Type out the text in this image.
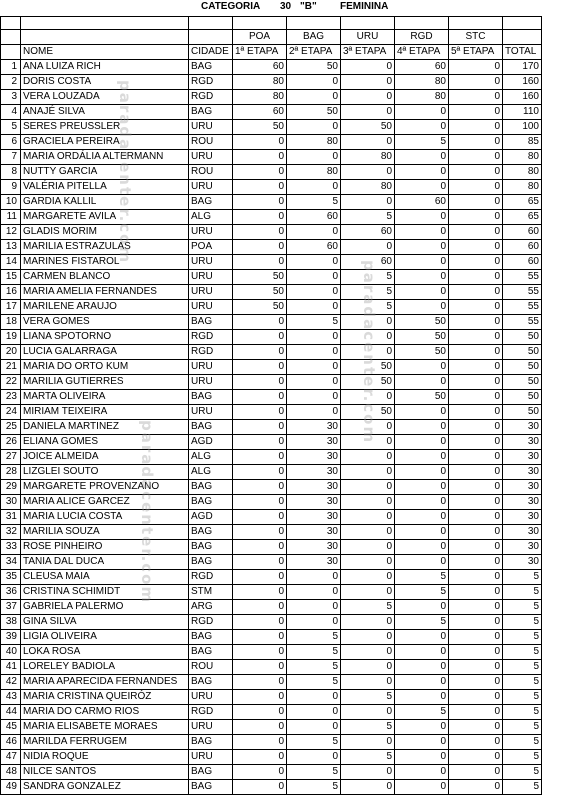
CATEGORIA 30 "B" FEMININA

			POA	BAG	URU	RGD	STC	
	NOME	CIDADE	1ª ETAPA	2ª ETAPA	3ª ETAPA	4ª ETAPA	5ª ETAPA	TOTAL
1	ANA LUIZA RICH	BAG	60	50	0	60	0	170
2	DORIS COSTA	RGD	80	0	0	80	0	160
3	VERA LOUZADA	RGD	80	0	0	80	0	160
4	ANAJÉ SILVA	BAG	60	50	0	0	0	110
5	SERES PREUSSLER	URU	50	0	50	0	0	100
6	GRACIELA PEREIRA	ROU	0	80	0	5	0	85
7	MARIA ORDÁLIA ALTERMANN	URU	0	0	80	0	0	80
8	NUTTY GARCIA	ROU	0	80	0	0	0	80
9	VALÉRIA PITELLA	URU	0	0	80	0	0	80
10	GARDIA KALLIL	BAG	0	5	0	60	0	65
11	MARGARETE AVILA	ALG	0	60	5	0	0	65
12	GLADIS MORIM	URU	0	0	60	0	0	60
13	MARILIA ESTRAZULAS	POA	0	60	0	0	0	60
14	MARINES FISTAROL	URU	0	0	60	0	0	60
15	CARMEN BLANCO	URU	50	0	5	0	0	55
16	MARIA AMELIA FERNANDES	URU	50	0	5	0	0	55
17	MARILENE ARAUJO	URU	50	0	5	0	0	55
18	VERA GOMES	BAG	0	5	0	50	0	55
19	LIANA SPOTORNO	RGD	0	0	0	50	0	50
20	LUCIA GALARRAGA	RGD	0	0	0	50	0	50
21	MARIA DO ORTO KUM	URU	0	0	50	0	0	50
22	MARILIA GUTIERRES	URU	0	0	50	0	0	50
23	MARTA OLIVEIRA	BAG	0	0	0	50	0	50
24	MIRIAM TEIXEIRA	URU	0	0	50	0	0	50
25	DANIELA MARTINEZ	BAG	0	30	0	0	0	30
26	ELIANA GOMES	AGD	0	30	0	0	0	30
27	JOICE ALMEIDA	ALG	0	30	0	0	0	30
28	LIZGLEI SOUTO	ALG	0	30	0	0	0	30
29	MARGARETE PROVENZANO	BAG	0	30	0	0	0	30
30	MARIA ALICE GARCEZ	BAG	0	30	0	0	0	30
31	MARIA LUCIA COSTA	AGD	0	30	0	0	0	30
32	MARILIA SOUZA	BAG	0	30	0	0	0	30
33	ROSE PINHEIRO	BAG	0	30	0	0	0	30
34	TANIA DAL DUCA	BAG	0	30	0	0	0	30
35	CLEUSA MAIA	RGD	0	0	0	5	0	5
36	CRISTINA SCHIMIDT	STM	0	0	0	5	0	5
37	GABRIELA PALERMO	ARG	0	0	5	0	0	5
38	GINA SILVA	RGD	0	0	0	5	0	5
39	LIGIA OLIVEIRA	BAG	0	5	0	0	0	5
40	LOKA ROSA	BAG	0	5	0	0	0	5
41	LORELEY BADIOLA	ROU	0	5	0	0	0	5
42	MARIA APARECIDA FERNANDES	BAG	0	5	0	0	0	5
43	MARIA CRISTINA QUEIRÓZ	URU	0	0	5	0	0	5
44	MARIA DO CARMO RIOS	RGD	0	0	0	5	0	5
45	MARIA ELISABETE MORAES	URU	0	0	5	0	0	5
46	MARILDA FERRUGEM	BAG	0	5	0	0	0	5
47	NIDIA ROQUE	URU	0	0	5	0	0	5
48	NILCE SANTOS	BAG	0	5	0	0	0	5
49	SANDRA GONZALEZ	BAG	0	5	0	0	0	5
paradacenter.com
paradacenter.com
paradacenter.com
